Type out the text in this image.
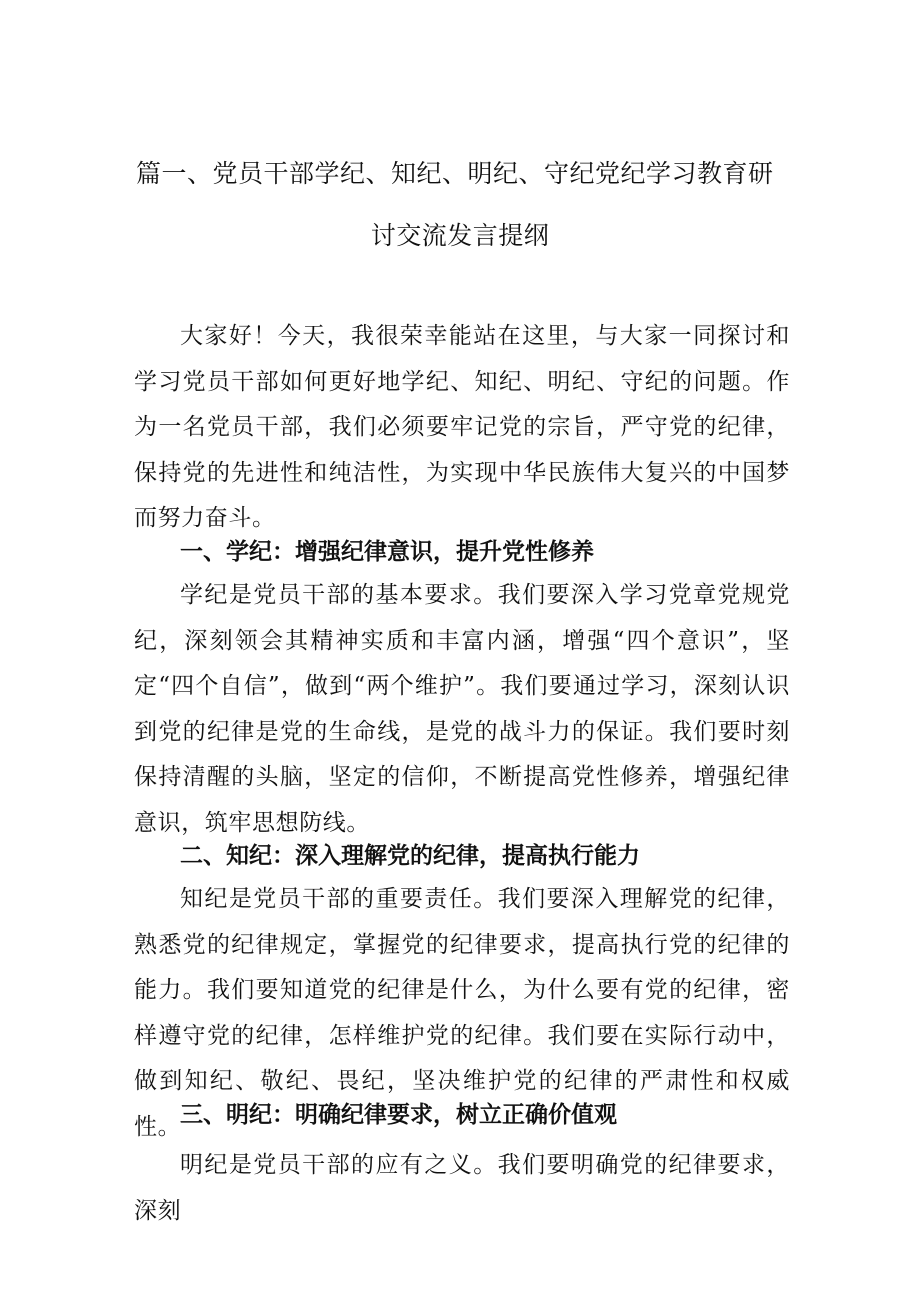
篇一、党员干部学纪、知纪、明纪、守纪党纪学习教育研
讨交流发言提纲

大家好！今天，我很荣幸能站在这里，与大家一同探讨和学习党员干部如何更好地学纪、知纪、明纪、守纪的问题。作为一名党员干部，我们必须要牢记党的宗旨，严守党的纪律，保持党的先进性和纯洁性，为实现中华民族伟大复兴的中国梦而努力奋斗。

一、学纪：增强纪律意识，提升党性修养

学纪是党员干部的基本要求。我们要深入学习党章党规党纪，深刻领会其精神实质和丰富内涵，增强“四个意识”，坚定“四个自信”，做到“两个维护”。我们要通过学习，深刻认识到党的纪律是党的生命线，是党的战斗力的保证。我们要时刻保持清醒的头脑，坚定的信仰，不断提高党性修养，增强纪律意识，筑牢思想防线。

二、知纪：深入理解党的纪律，提高执行能力

知纪是党员干部的重要责任。我们要深入理解党的纪律，熟悉党的纪律规定，掌握党的纪律要求，提高执行党的纪律的能力。我们要知道党的纪律是什么，为什么要有党的纪律，密样遵守党的纪律，怎样维护党的纪律。我们要在实际行动中，做到知纪、敬纪、畏纪，坚决维护党的纪律的严肃性和权威性。

三、明纪：明确纪律要求，树立正确价值观

明纪是党员干部的应有之义。我们要明确党的纪律要求，深刻
